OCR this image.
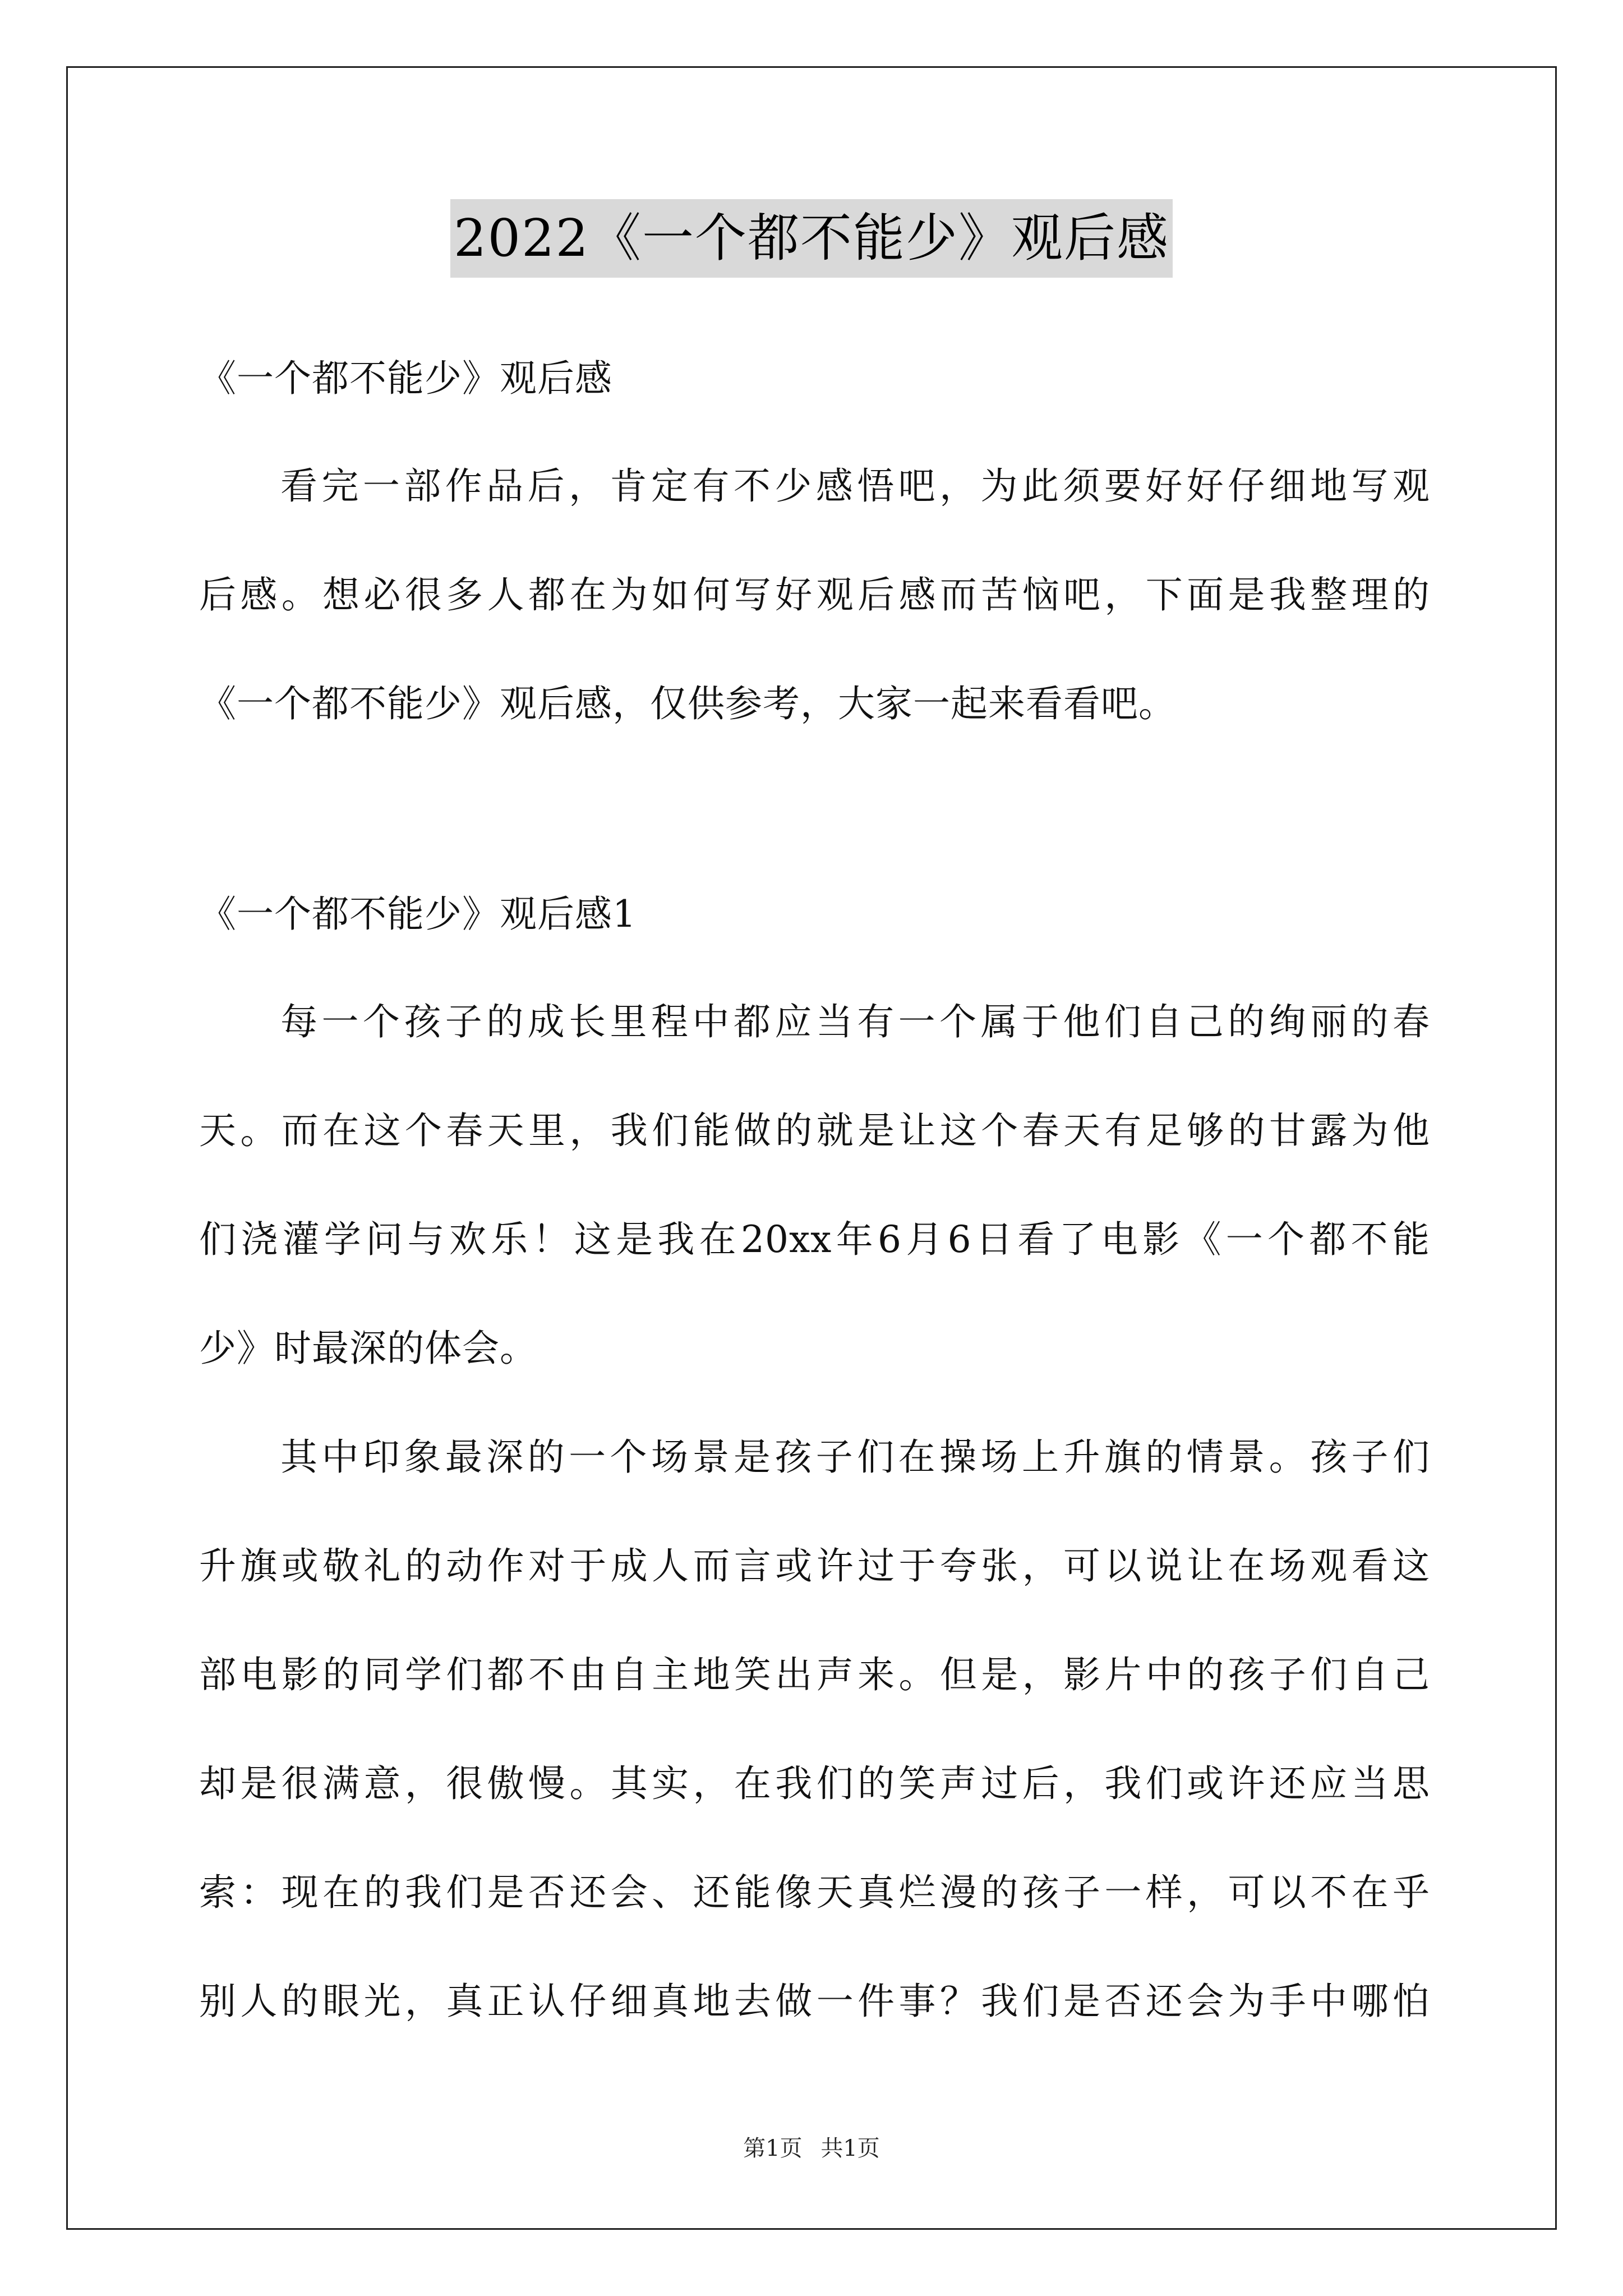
2022《一个都不能少》观后感
《一个都不能少》观后感
看完一部作品后，肯定有不少感悟吧，为此须要好好仔细地写观
后感。想必很多人都在为如何写好观后感而苦恼吧，下面是我整理的
《一个都不能少》观后感，仅供参考，大家一起来看看吧。
《一个都不能少》观后感1
每一个孩子的成长里程中都应当有一个属于他们自己的绚丽的春
天。而在这个春天里，我们能做的就是让这个春天有足够的甘露为他
们浇灌学问与欢乐！这是我在20xx年6月6日看了电影《一个都不能
少》时最深的体会。
其中印象最深的一个场景是孩子们在操场上升旗的情景。孩子们
升旗或敬礼的动作对于成人而言或许过于夸张，可以说让在场观看这
部电影的同学们都不由自主地笑出声来。但是，影片中的孩子们自己
却是很满意，很傲慢。其实，在我们的笑声过后，我们或许还应当思
索：现在的我们是否还会、还能像天真烂漫的孩子一样，可以不在乎
别人的眼光，真正认仔细真地去做一件事？我们是否还会为手中哪怕
第1页 共1页
